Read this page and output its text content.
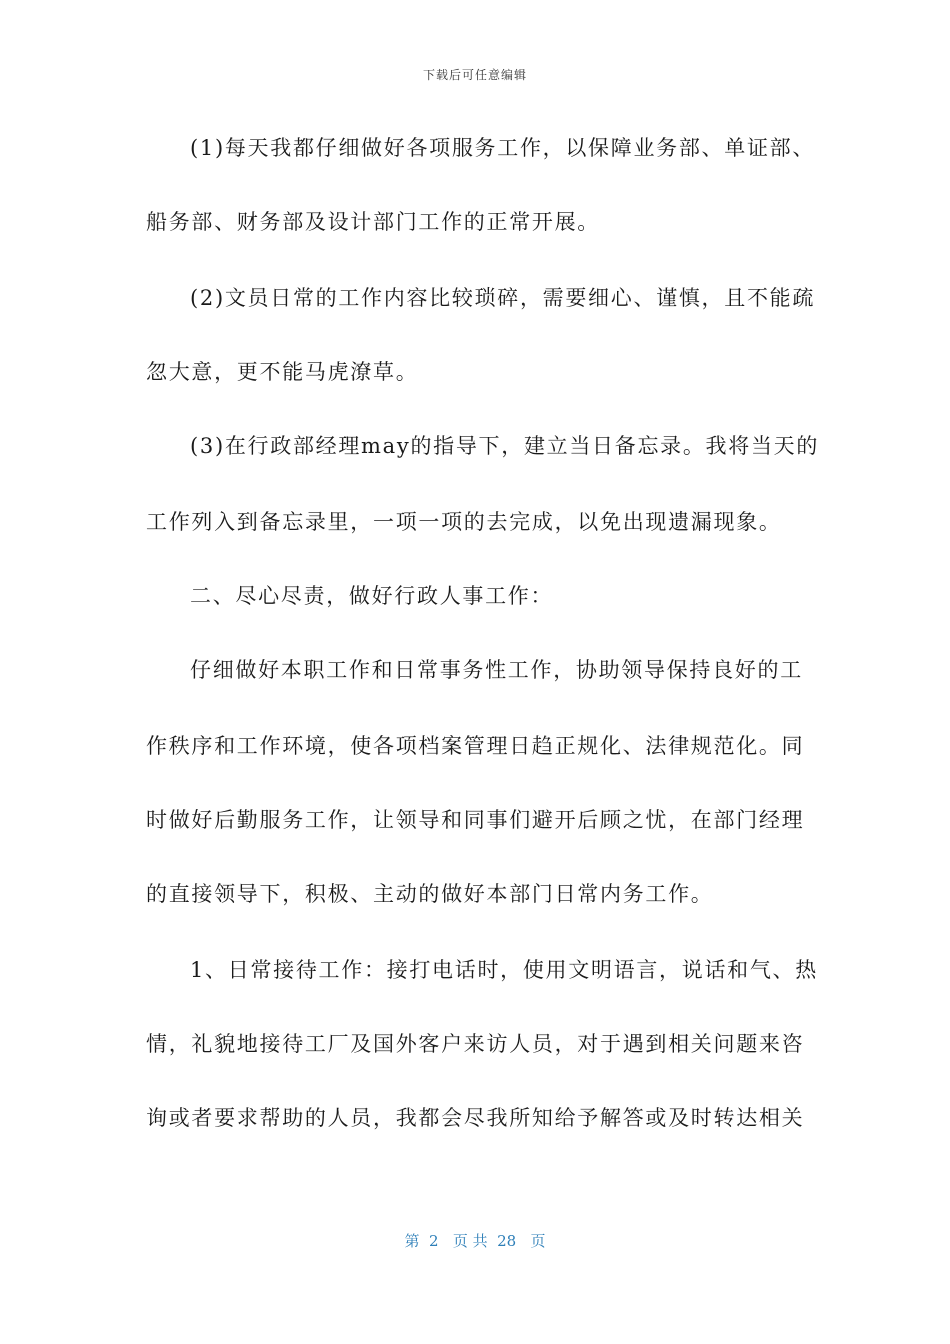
下载后可任意编辑
(1)每天我都仔细做好各项服务工作，以保障业务部、单证部、
船务部、财务部及设计部门工作的正常开展。
(2)文员日常的工作内容比较琐碎，需要细心、谨慎，且不能疏
忽大意，更不能马虎潦草。
(3)在行政部经理may的指导下，建立当日备忘录。我将当天的
工作列入到备忘录里，一项一项的去完成，以免出现遗漏现象。
二、尽心尽责，做好行政人事工作：
仔细做好本职工作和日常事务性工作，协助领导保持良好的工
作秩序和工作环境，使各项档案管理日趋正规化、法律规范化。同
时做好后勤服务工作，让领导和同事们避开后顾之忧，在部门经理
的直接领导下，积极、主动的做好本部门日常内务工作。
1、日常接待工作：接打电话时，使用文明语言，说话和气、热
情，礼貌地接待工厂及国外客户来访人员，对于遇到相关问题来咨
询或者要求帮助的人员，我都会尽我所知给予解答或及时转达相关
第  2   页 共  28   页
